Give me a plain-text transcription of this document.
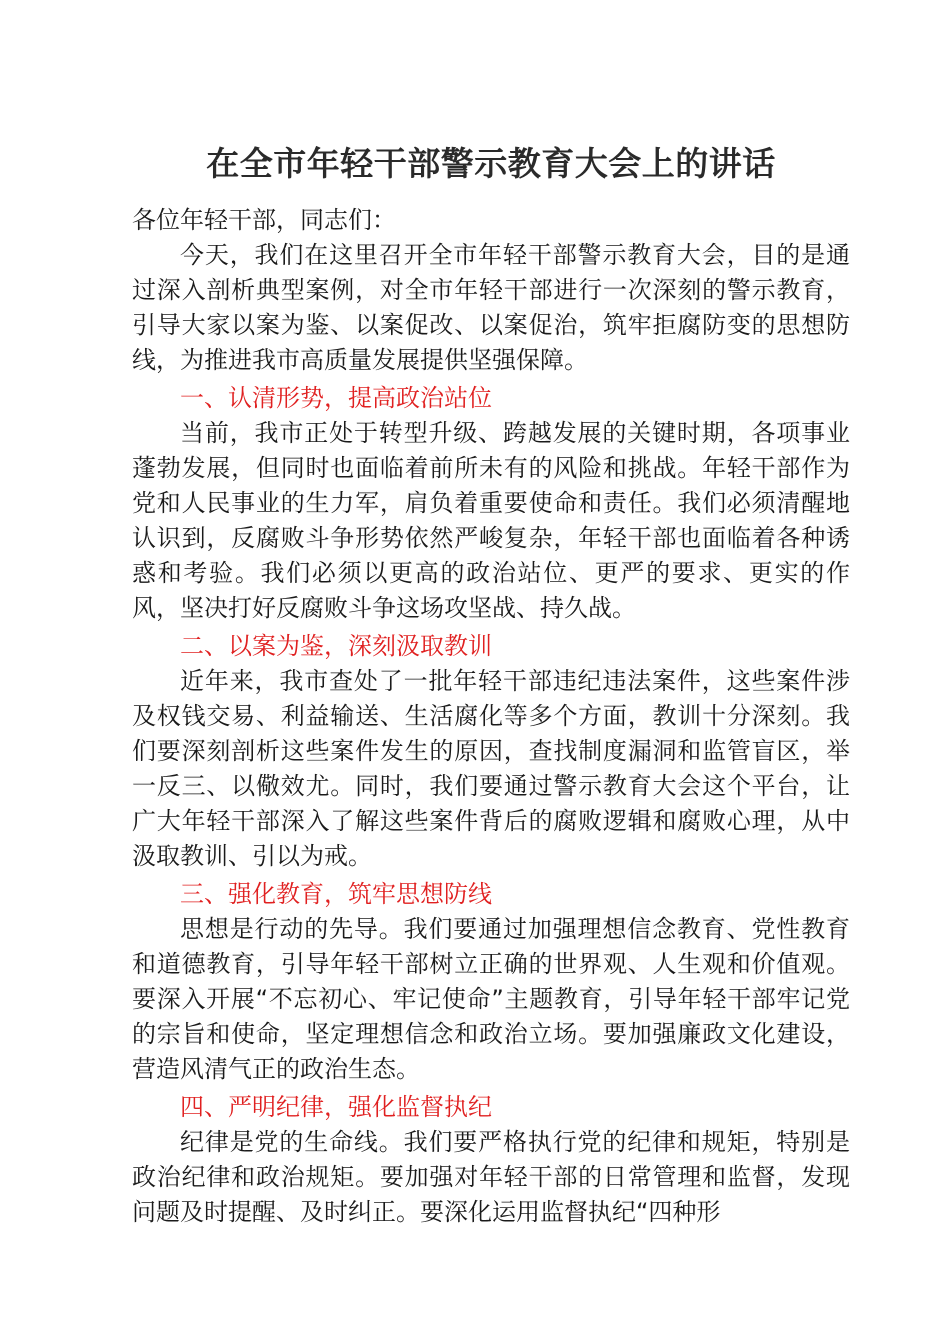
在全市年轻干部警示教育大会上的讲话

各位年轻干部，同志们：

今天，我们在这里召开全市年轻干部警示教育大会，目的是通过深入剖析典型案例，对全市年轻干部进行一次深刻的警示教育，引导大家以案为鉴、以案促改、以案促治，筑牢拒腐防变的思想防线，为推进我市高质量发展提供坚强保障。

一、认清形势，提高政治站位

当前，我市正处于转型升级、跨越发展的关键时期，各项事业蓬勃发展，但同时也面临着前所未有的风险和挑战。年轻干部作为党和人民事业的生力军，肩负着重要使命和责任。我们必须清醒地认识到，反腐败斗争形势依然严峻复杂，年轻干部也面临着各种诱惑和考验。我们必须以更高的政治站位、更严的要求、更实的作风，坚决打好反腐败斗争这场攻坚战、持久战。

二、以案为鉴，深刻汲取教训

近年来，我市查处了一批年轻干部违纪违法案件，这些案件涉及权钱交易、利益输送、生活腐化等多个方面，教训十分深刻。我们要深刻剖析这些案件发生的原因，查找制度漏洞和监管盲区，举一反三、以儆效尤。同时，我们要通过警示教育大会这个平台，让广大年轻干部深入了解这些案件背后的腐败逻辑和腐败心理，从中汲取教训、引以为戒。

三、强化教育，筑牢思想防线

思想是行动的先导。我们要通过加强理想信念教育、党性教育和道德教育，引导年轻干部树立正确的世界观、人生观和价值观。要深入开展“不忘初心、牢记使命”主题教育，引导年轻干部牢记党的宗旨和使命，坚定理想信念和政治立场。要加强廉政文化建设，营造风清气正的政治生态。

四、严明纪律，强化监督执纪

纪律是党的生命线。我们要严格执行党的纪律和规矩，特别是政治纪律和政治规矩。要加强对年轻干部的日常管理和监督，发现问题及时提醒、及时纠正。要深化运用监督执纪“四种形
